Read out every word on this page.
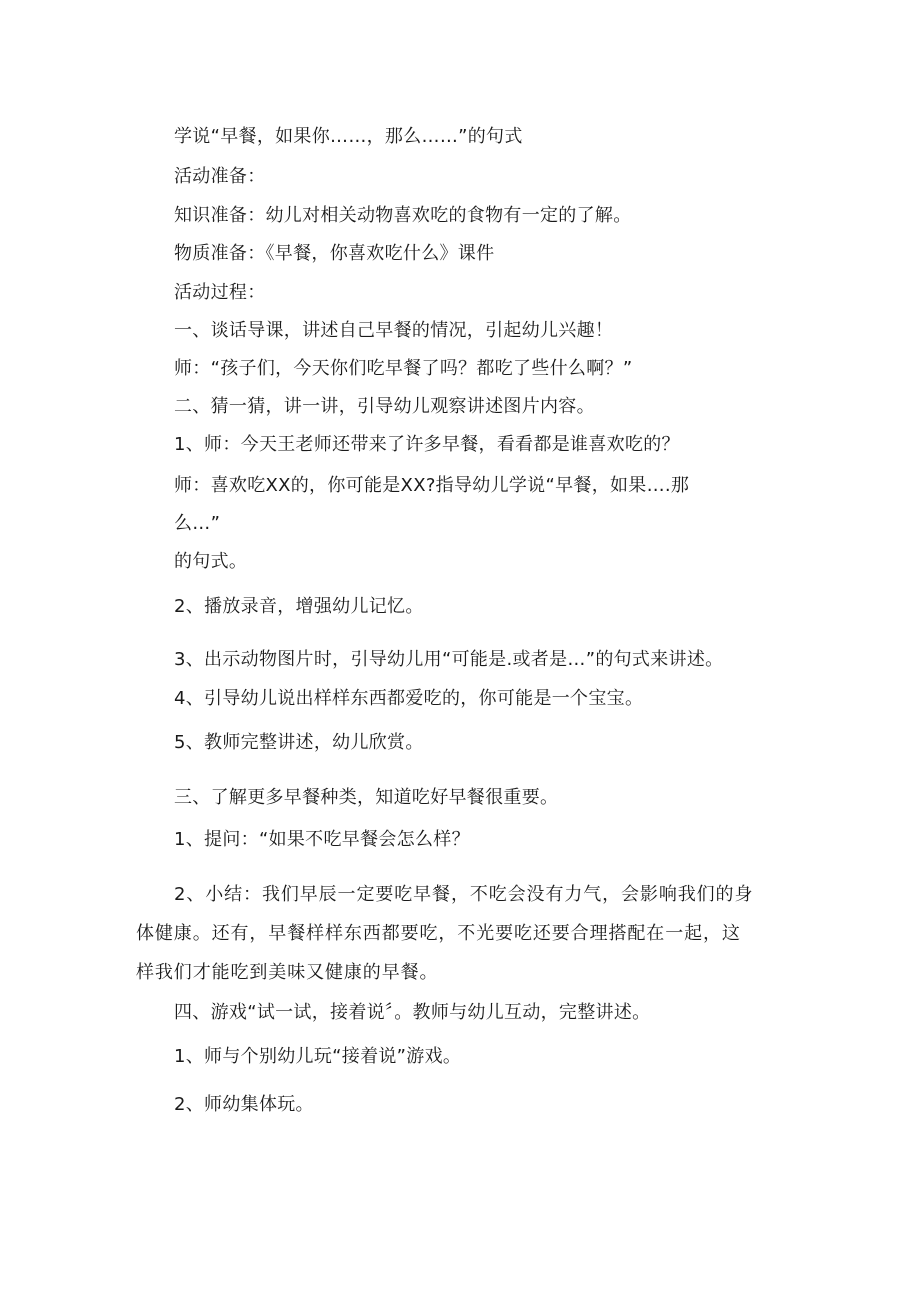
学说“早餐，如果你……，那么……”的句式
活动准备：
知识准备：幼儿对相关动物喜欢吃的食物有一定的了解。
物质准备：《早餐，你喜欢吃什么》课件
活动过程：
一、谈话导课，讲述自己早餐的情况，引起幼儿兴趣！
师：“孩子们，今天你们吃早餐了吗？都吃了些什么啊？”
二、猜一猜，讲一讲，引导幼儿观察讲述图片内容。
1、师：今天王老师还带来了许多早餐，看看都是谁喜欢吃的？
师：喜欢吃XX的，你可能是XX?指导幼儿学说“早餐，如果….那
么…”
的句式。
2、播放录音，增强幼儿记忆。
3、出示动物图片时，引导幼儿用“可能是.或者是…”的句式来讲述。
4、引导幼儿说出样样东西都爱吃的，你可能是一个宝宝。
5、教师完整讲述，幼儿欣赏。
三、了解更多早餐种类，知道吃好早餐很重要。
1、提问：“如果不吃早餐会怎么样？
2、小结：我们早辰一定要吃早餐，不吃会没有力气，会影响我们的身
体健康。还有，早餐样样东西都要吃，不光要吃还要合理搭配在一起，这
样我们才能吃到美味又健康的早餐。
四、游戏“试一试，接着说〞。教师与幼儿互动，完整讲述。
1、师与个别幼儿玩“接着说”游戏。
2、师幼集体玩。
